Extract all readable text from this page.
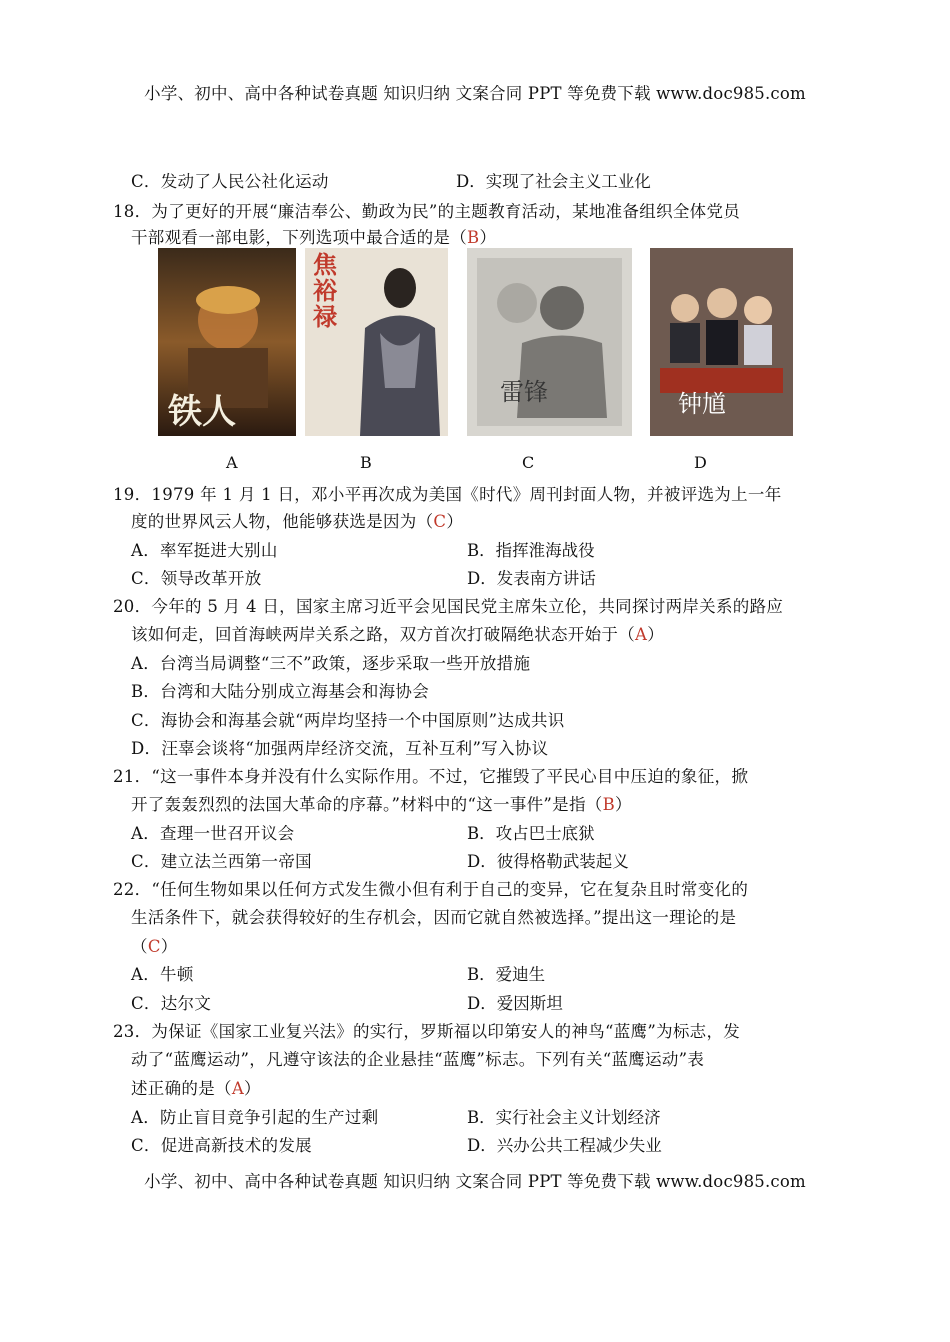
小学、初中、高中各种试卷真题 知识归纳 文案合同 PPT 等免费下载 www.doc985.com
C．发动了人民公社化运动	D．实现了社会主义工业化
18．为了更好的开展“廉洁奉公、勤政为民”的主题教育活动，某地准备组织全体党员
干部观看一部电影，下列选项中最合适的是（B）
铁人
焦裕禄
雷锋	钟馗
A	B	C	D
19．1979 年 1 月 1 日，邓小平再次成为美国《时代》周刊封面人物，并被评选为上一年
度的世界风云人物，他能够获选是因为（C）
A．率军挺进大别山	B．指挥淮海战役
C．领导改革开放	D．发表南方讲话
20．今年的 5 月 4 日，国家主席习近平会见国民党主席朱立伦，共同探讨两岸关系的路应
该如何走，回首海峡两岸关系之路，双方首次打破隔绝状态开始于（A）
A．台湾当局调整“三不”政策，逐步采取一些开放措施
B．台湾和大陆分别成立海基会和海协会
C．海协会和海基会就“两岸均坚持一个中国原则”达成共识
D．汪辜会谈将“加强两岸经济交流，互补互利”写入协议
21．“这一事件本身并没有什么实际作用。不过，它摧毁了平民心目中压迫的象征，掀
开了轰轰烈烈的法国大革命的序幕。”材料中的“这一事件”是指（B）
A．查理一世召开议会	B．攻占巴士底狱
C．建立法兰西第一帝国	D．彼得格勒武装起义
22．“任何生物如果以任何方式发生微小但有利于自己的变异，它在复杂且时常变化的
生活条件下，就会获得较好的生存机会，因而它就自然被选择。”提出这一理论的是
（C）
A．牛顿	B．爱迪生
C．达尔文	D．爱因斯坦
23．为保证《国家工业复兴法》的实行，罗斯福以印第安人的神鸟“蓝鹰”为标志，发
动了“蓝鹰运动”，凡遵守该法的企业悬挂“蓝鹰”标志。下列有关“蓝鹰运动”表
述正确的是（A）
A．防止盲目竞争引起的生产过剩	B．实行社会主义计划经济
C．促进高新技术的发展	D．兴办公共工程减少失业
小学、初中、高中各种试卷真题 知识归纳 文案合同 PPT 等免费下载 www.doc985.com
